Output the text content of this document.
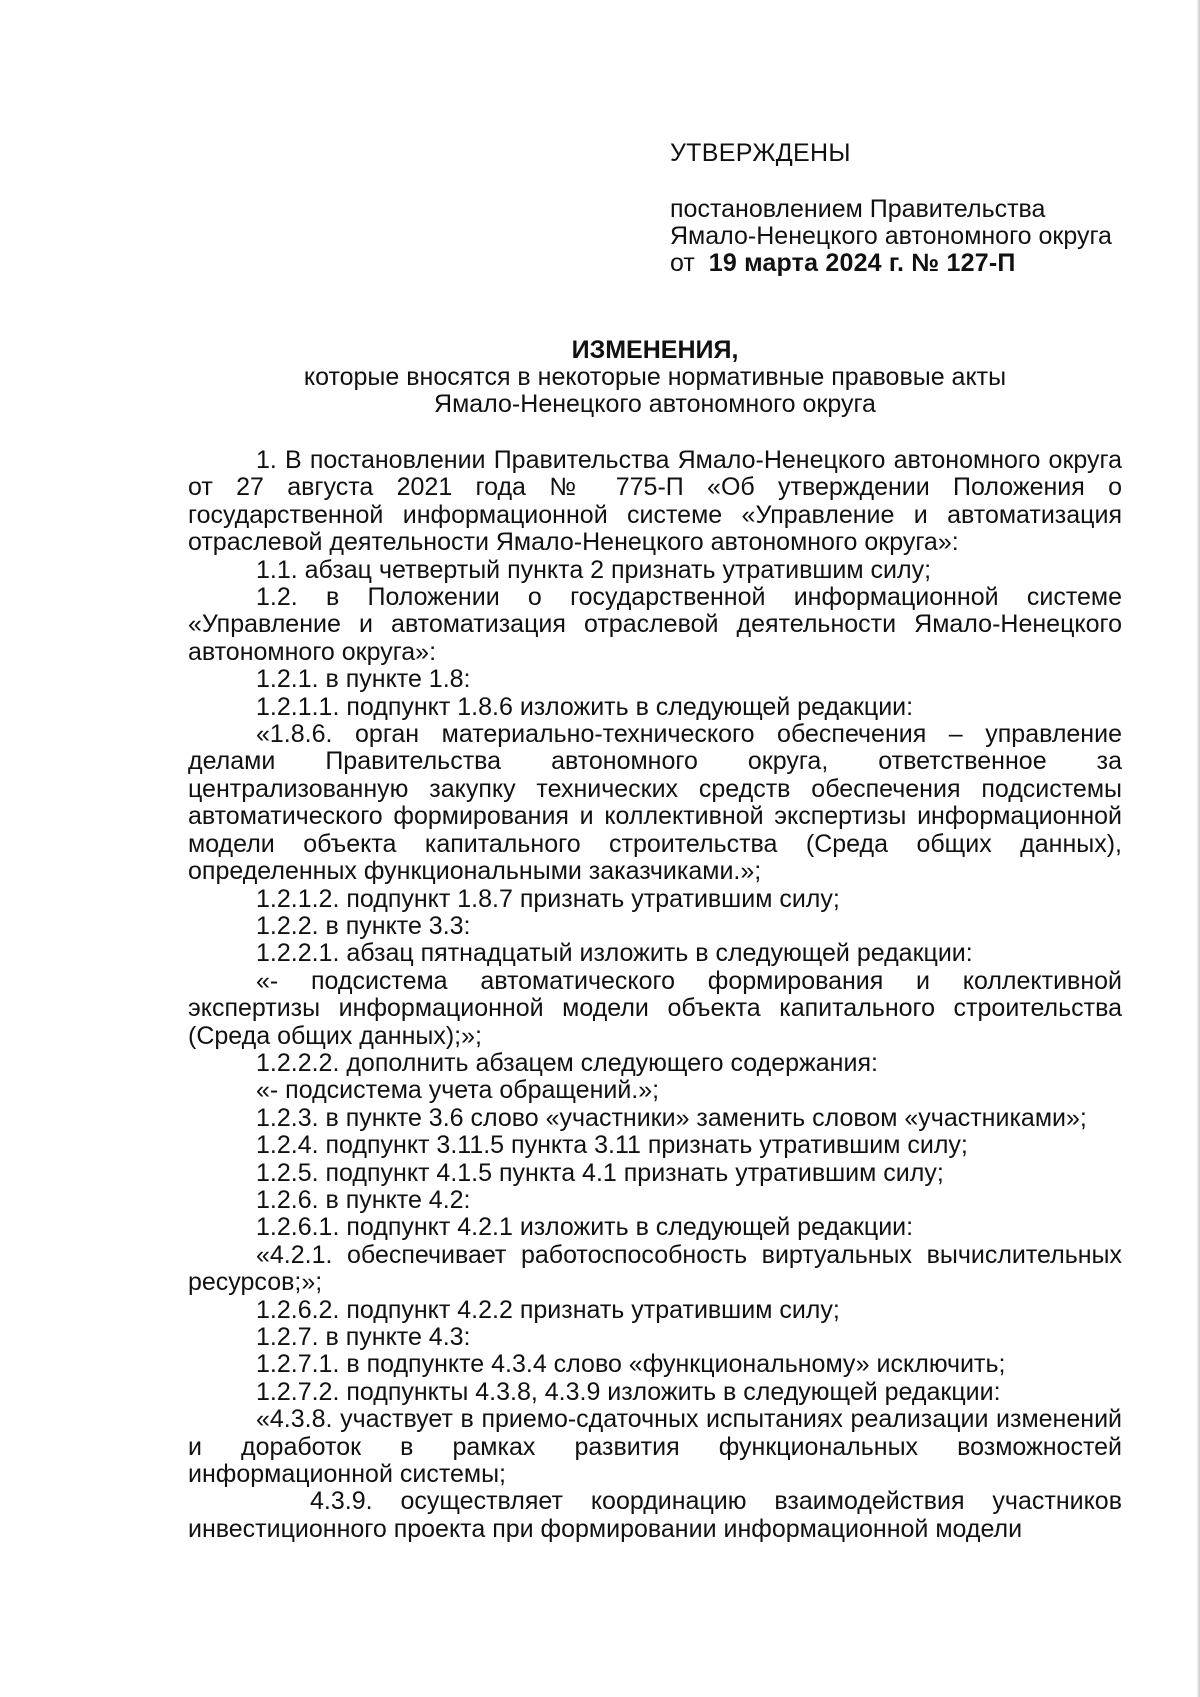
УТВЕРЖДЕНЫ
постановлением Правительства
Ямало-Ненецкого автономного округа
от 19 марта 2024 г. № 127-П
ИЗМЕНЕНИЯ,
которые вносятся в некоторые нормативные правовые акты
Ямало-Ненецкого автономного округа

1. В постановлении Правительства Ямало-Ненецкого автономного округа от 27 августа 2021 года № 775-П «Об утверждении Положения о государственной информационной системе «Управление и автоматизация отраслевой деятельности Ямало-Ненецкого автономного округа»:

1.1. абзац четвертый пункта 2 признать утратившим силу;

1.2. в Положении о государственной информационной системе «Управление и автоматизация отраслевой деятельности Ямало-Ненецкого автономного округа»:

1.2.1. в пункте 1.8:

1.2.1.1. подпункт 1.8.6 изложить в следующей редакции:

«1.8.6. орган материально-технического обеспечения – управление делами Правительства автономного округа, ответственное за централизованную закупку технических средств обеспечения подсистемы автоматического формирования и коллективной экспертизы информационной модели объекта капитального строительства (Среда общих данных), определенных функциональными заказчиками.»;

1.2.1.2. подпункт 1.8.7 признать утратившим силу;

1.2.2. в пункте 3.3:

1.2.2.1. абзац пятнадцатый изложить в следующей редакции:

«- подсистема автоматического формирования и коллективной экспертизы информационной модели объекта капитального строительства (Среда общих данных);»;

1.2.2.2. дополнить абзацем следующего содержания:

«- подсистема учета обращений.»;

1.2.3. в пункте 3.6 слово «участники» заменить словом «участниками»;

1.2.4. подпункт 3.11.5 пункта 3.11 признать утратившим силу;

1.2.5. подпункт 4.1.5 пункта 4.1 признать утратившим силу;

1.2.6. в пункте 4.2:

1.2.6.1. подпункт 4.2.1 изложить в следующей редакции:

«4.2.1. обеспечивает работоспособность виртуальных вычислительных ресурсов;»;

1.2.6.2. подпункт 4.2.2 признать утратившим силу;

1.2.7. в пункте 4.3:

1.2.7.1. в подпункте 4.3.4 слово «функциональному» исключить;

1.2.7.2. подпункты 4.3.8, 4.3.9 изложить в следующей редакции:

«4.3.8. участвует в приемо-сдаточных испытаниях реализации изменений и доработок в рамках развития функциональных возможностей информационной системы;

4.3.9. осуществляет координацию взаимодействия участников инвестиционного проекта при формировании информационной модели
